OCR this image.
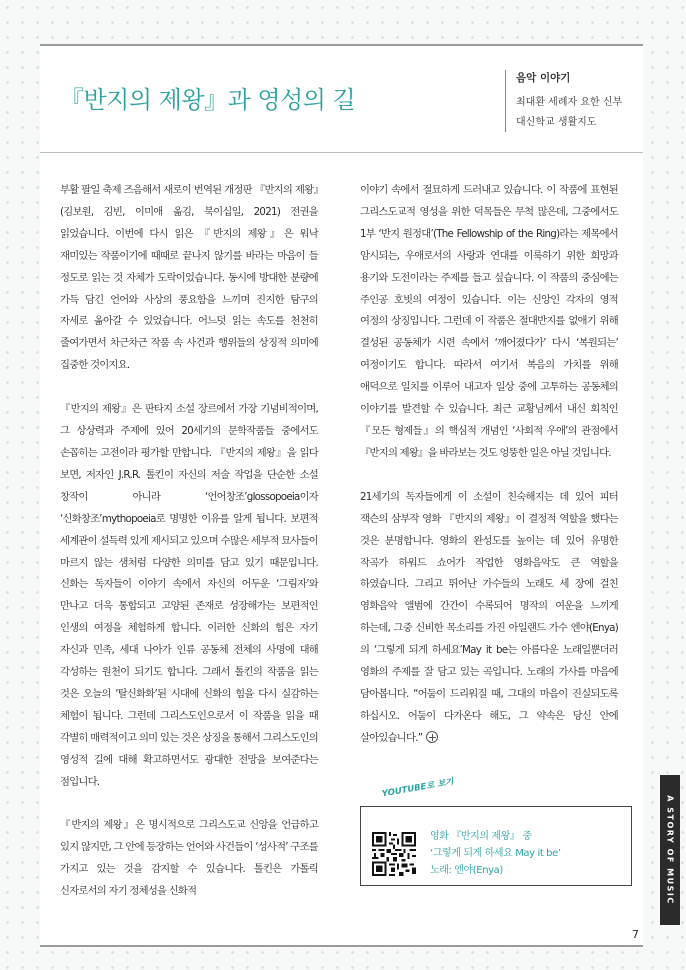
『반지의 제왕』과 영성의 길
음악 이야기
최대환 세례자 요한 신부
대신학교 생활지도

부활 팔일 축제 즈음해서 새로이 번역된 개정판 『반지의 제왕』(김보원, 김빈, 이미애 옮김, 북이십일, 2021) 전권을 읽었습니다. 이번에 다시 읽은 『반지의 제왕』은 워낙 재미있는 작품이기에 때때로 끝나지 않기를 바라는 마음이 들 정도로 읽는 것 자체가 도락이었습니다. 동시에 방대한 분량에 가득 담긴 언어와 사상의 풍요함을 느끼며 진지한 탐구의 자세로 옮아갈 수 있었습니다. 어느덧 읽는 속도를 천천히 줄여가면서 차근차근 작품 속 사건과 행위들의 상징적 의미에 집중한 것이지요.

『반지의 제왕』은 판타지 소설 장르에서 가장 기념비적이며, 그 상상력과 주제에 있어 20세기의 문학작품들 중에서도 손꼽히는 고전이라 평가할 만합니다. 『반지의 제왕』을 읽다 보면, 저자인 J.R.R. 톨킨이 자신의 저술 작업을 단순한 소설 창작이 아니라 ‘언어창조’glossopoeia이자 ‘신화창조’mythopoeia로 명명한 이유를 알게 됩니다. 보편적 세계관이 설득력 있게 제시되고 있으며 수많은 세부적 묘사들이 마르지 않는 샘처럼 다양한 의미를 담고 있기 때문입니다. 신화는 독자들이 이야기 속에서 자신의 어두운 ‘그림자’와 만나고 더욱 통합되고 고양된 존재로 성장해가는 보편적인 인생의 여정을 체험하게 합니다. 이러한 신화의 힘은 자기 자신과 민족, 세대 나아가 인류 공동체 전체의 사명에 대해 각성하는 원천이 되기도 합니다. 그래서 톨킨의 작품을 읽는 것은 오늘의 ‘탈신화화’된 시대에 신화의 힘을 다시 실감하는 체험이 됩니다. 그런데 그리스도인으로서 이 작품을 읽을 때 각별히 매력적이고 의미 있는 것은 상징을 통해서 그리스도인의 영성적 길에 대해 확고하면서도 광대한 전망을 보여준다는 점입니다.

『반지의 제왕』은 명시적으로 그리스도교 신앙을 언급하고 있지 않지만, 그 안에 등장하는 언어와 사건들이 ‘성사적’ 구조를 가지고 있는 것을 감지할 수 있습니다. 톨킨은 가톨릭 신자로서의 자기 정체성을 신화적

이야기 속에서 절묘하게 드러내고 있습니다. 이 작품에 표현된 그리스도교적 영성을 위한 덕목들은 무척 많은데, 그중에서도 1부 ‘반지 원정대’(The Fellowship of the Ring)라는 제목에서 암시되는, 우애로서의 사랑과 연대를 이룩하기 위한 희망과 용기와 도전이라는 주제를 들고 싶습니다. 이 작품의 중심에는 주인공 호빗의 여정이 있습니다. 이는 신앙인 각자의 영적 여정의 상징입니다. 그런데 이 작품은 절대반지를 없애기 위해 결성된 공동체가 시련 속에서 ‘깨어졌다가’ 다시 ‘복원되는’ 여정이기도 합니다. 따라서 여기서 복음의 가치를 위해 애덕으로 일치를 이루어 내고자 일상 중에 고투하는 공동체의 이야기를 발견할 수 있습니다. 최근 교황님께서 내신 회칙인 『모든 형제들』의 핵심적 개념인 ‘사회적 우애’의 관점에서 『반지의 제왕』을 바라보는 것도 엉뚱한 일은 아닐 것입니다.

21세기의 독자들에게 이 소설이 친숙해지는 데 있어 피터 잭슨의 삼부작 영화 『반지의 제왕』이 결정적 역할을 했다는 것은 분명합니다. 영화의 완성도를 높이는 데 있어 유명한 작곡가 하워드 쇼어가 작업한 영화음악도 큰 역할을 하였습니다. 그리고 뛰어난 가수들의 노래도 세 장에 걸친 영화음악 앨범에 간간이 수록되어 명작의 여운을 느끼게 하는데, 그중 신비한 목소리를 가진 아일랜드 가수 엔야(Enya)의 ‘그렇게 되게 하세요’May it be는 아름다운 노래일뿐더러 영화의 주제를 잘 담고 있는 곡입니다. 노래의 가사를 마음에 담아봅니다. “어둠이 드리워질 때, 그대의 마음이 진실되도록 하십시오. 어둠이 다가온다 해도, 그 약속은 당신 안에 살아있습니다.”

YOUTUBE로 보기
영화 『반지의 제왕』 중
‘그렇게 되게 하세요 May it be’
노래: 엔야(Enya)	A STORY OF MUSIC
7
